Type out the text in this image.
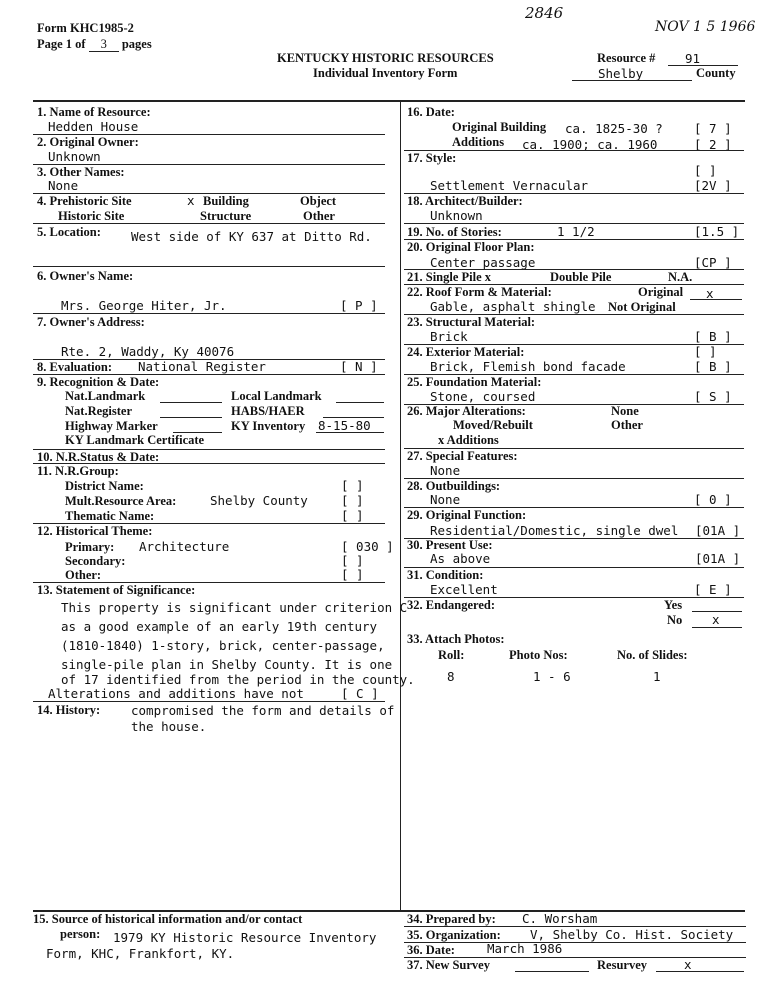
Form KHC1985-2
Page 1 of 3 pages
2846
NOV 1 5 1966
KENTUCKY HISTORIC RESOURCES
Individual Inventory Form
Resource # 91
Shelby	County
1. Name of Resource:
Hedden House
2. Original Owner:
Unknown
3. Other Names:
None
4. Prehistoric Site	x Building	Object
Historic Site	Structure	Other
5. Location: West side of KY 637 at Ditto Rd.
6. Owner's Name:
Mrs. George Hiter, Jr.	[ P ]
7. Owner's Address:
Rte. 2, Waddy, Ky 40076
8. Evaluation: National Register	[ N ]
9. Recognition & Date:
Nat.Landmark	Local Landmark
Nat.Register	HABS/HAER
Highway Marker	KY Inventory 8-15-80
KY Landmark Certificate
10. N.R.Status & Date:
11. N.R.Group:
District Name:	[ ]
Mult.Resource Area:	Shelby County	[ ]
Thematic Name:	[ ]
12. Historical Theme:
Primary: Architecture	[ 030 ]
Secondary:	[ ]
Other:	[ ]
13. Statement of Significance:
This property is significant under criterion C
as a good example of an early 19th century
(1810-1840) 1-story, brick, center-passage,
single-pile plan in Shelby County. It is one
of 17 identified from the period in the county.
Alterations and additions have not	[ C ]
14. History: compromised the form and details of
the house.
15. Source of historical information and/or contact
person: 1979 KY Historic Resource Inventory
Form, KHC, Frankfort, KY.
16. Date:
Original Building ca. 1825-30 ? [ 7 ]
Additions ca. 1900; ca. 1960	[ 2 ]
17. Style:
[ ]
Settlement Vernacular	[2V ]
18. Architect/Builder:
Unknown
19. No. of Stories:	1 1/2	[1.5 ]
20. Original Floor Plan:
Center passage	[CP ]
21. Single Pile x	Double Pile	N.A.
22. Roof Form & Material:	Original x
Gable, asphalt shingle Not Original
23. Structural Material:
Brick	[ B ]
24. Exterior Material:	[ ]
Brick, Flemish bond facade	[ B ]
25. Foundation Material:
Stone, coursed	[ S ]
26. Major Alterations:	None
Moved/Rebuilt	Other
x Additions
27. Special Features:
None
28. Outbuildings:
None	[ 0 ]
29. Original Function:
Residential/Domestic, single dwel [01A ]
30. Present Use:
As above	[01A ]
31. Condition:
Excellent	[ E ]
32. Endangered:	Yes
No x
33. Attach Photos:
Roll:	Photo Nos:	No. of Slides:
8	1 - 6	1
34. Prepared by: C. Worsham
35. Organization: V, Shelby Co. Hist. Society
36. Date:	March 1986
37. New Survey	Resurvey	x
